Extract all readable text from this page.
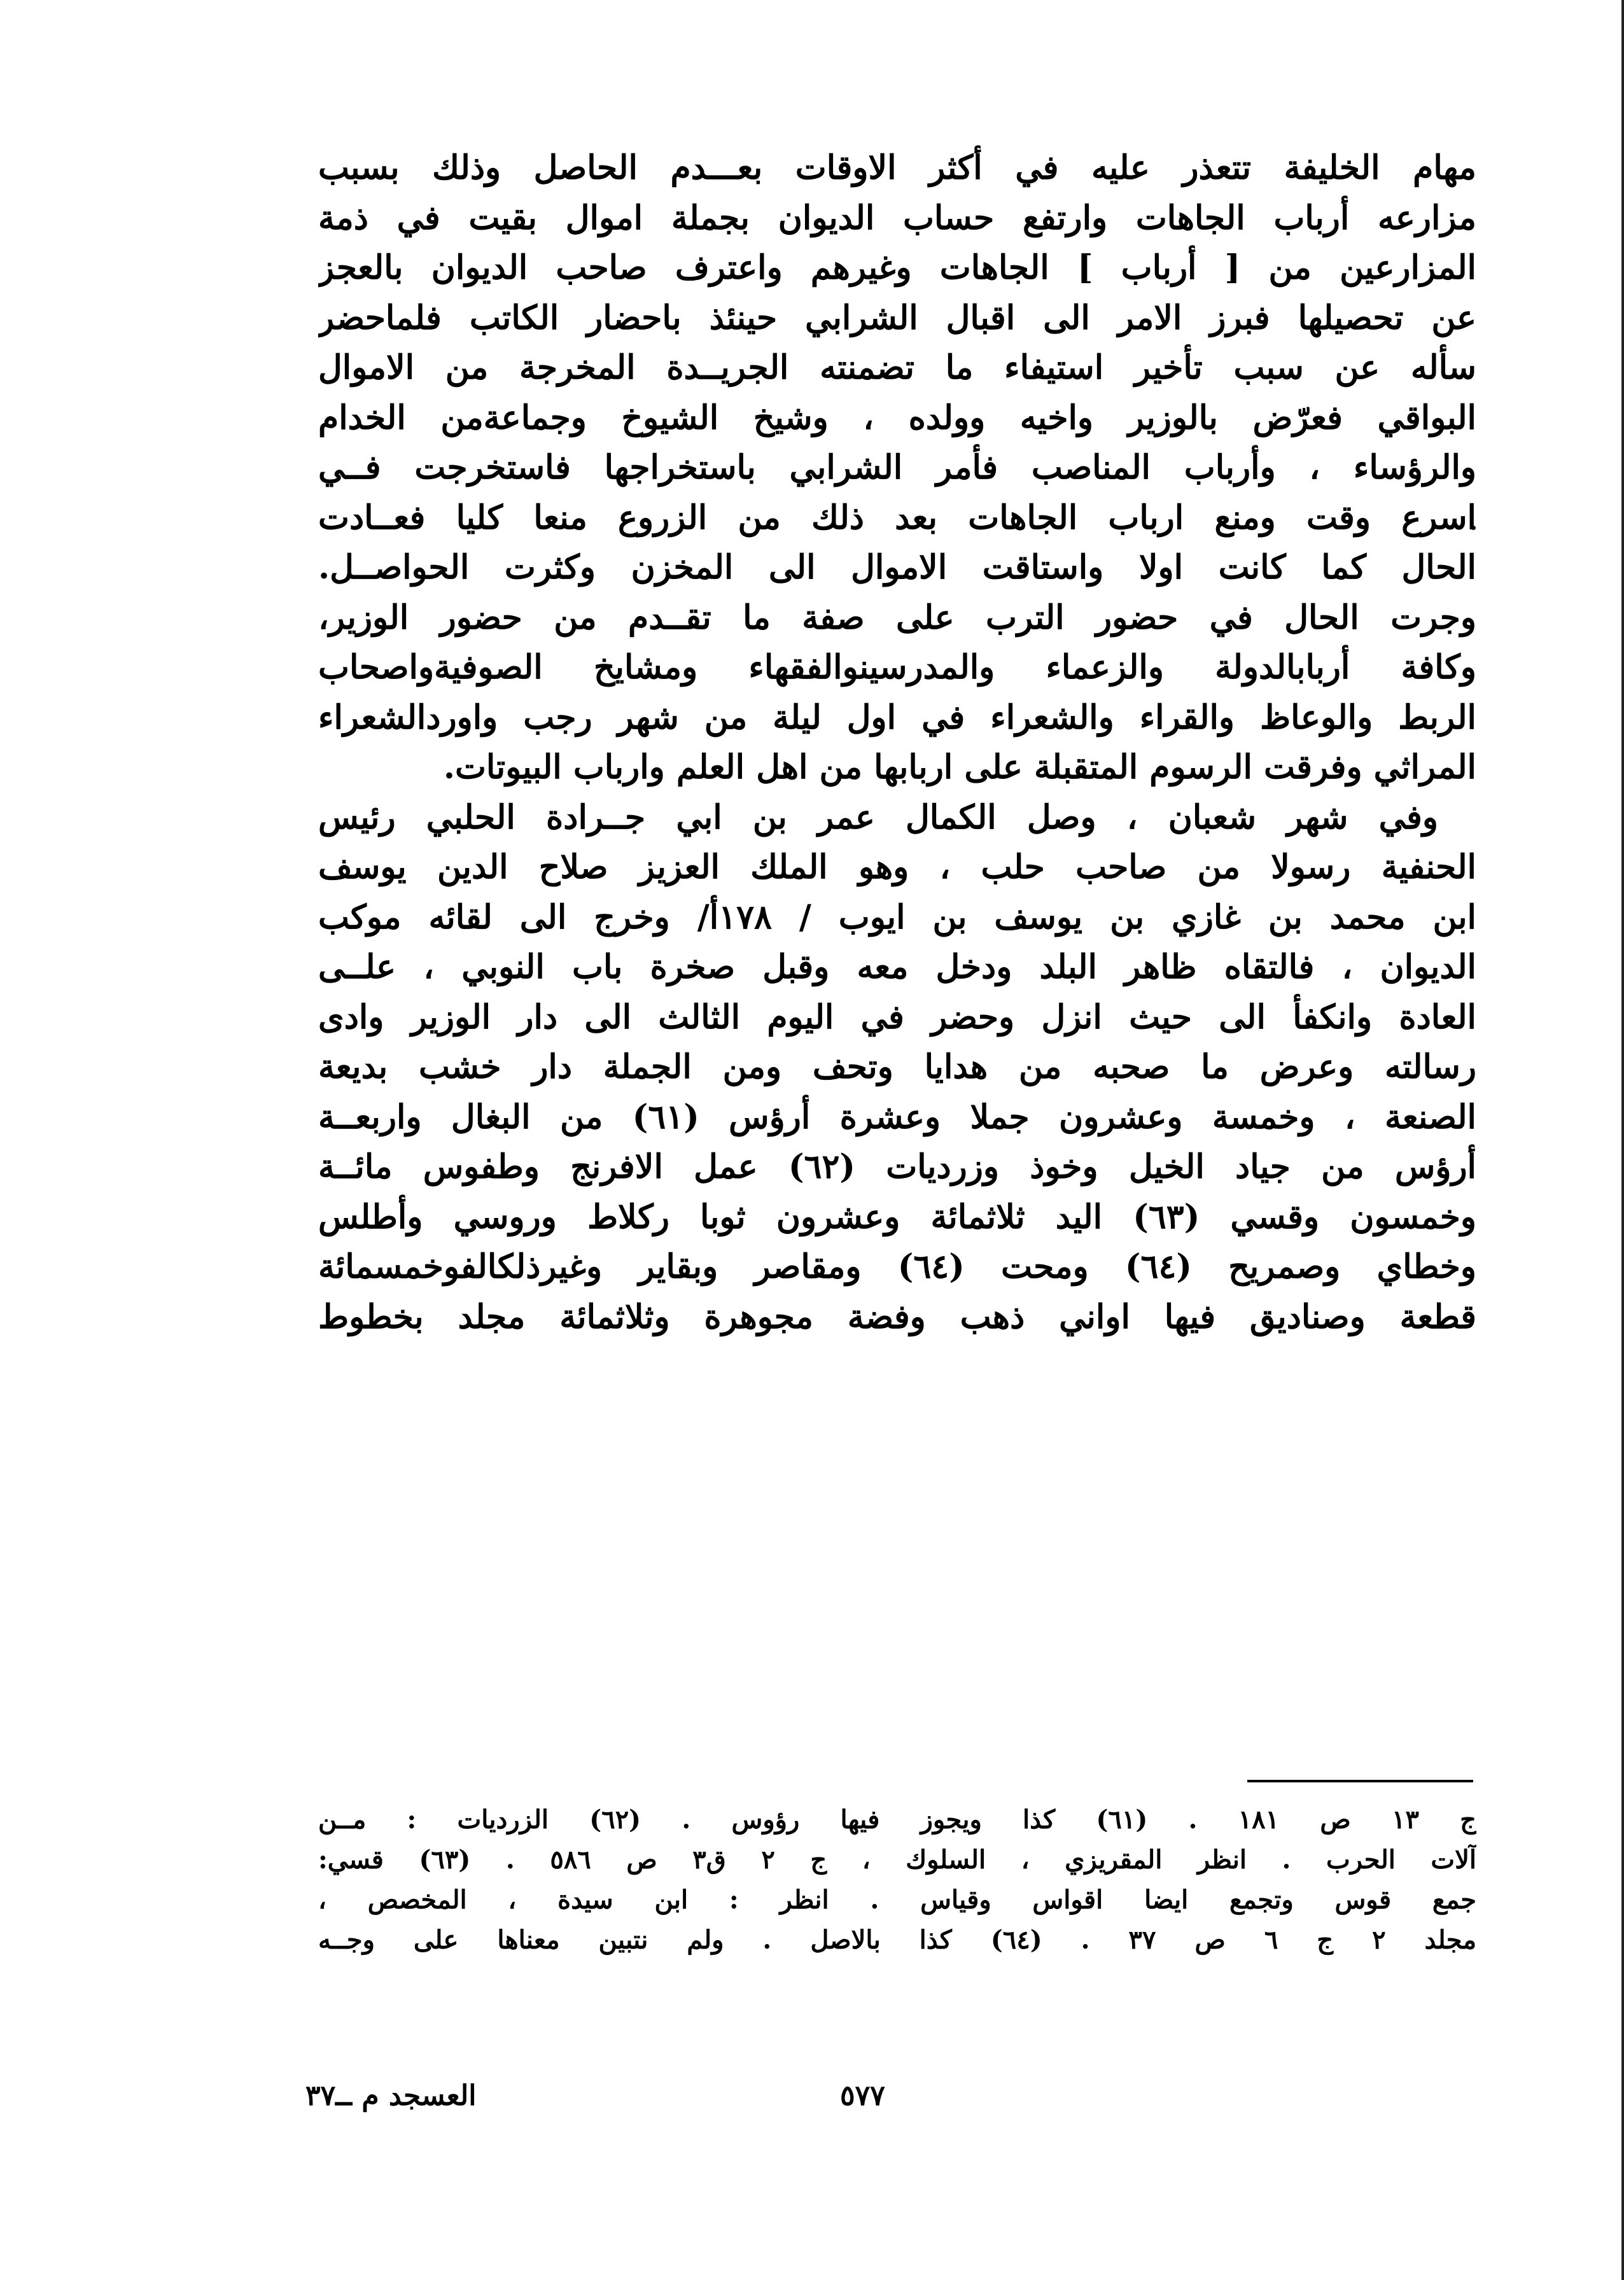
مهام الخليفة تتعذر عليه في أكثر الاوقات بعـــدم الحاصل وذلك بسبب
مزارعه أرباب الجاهات وارتفع حساب الديوان بجملة اموال بقيت في ذمة
المزارعين من [ أرباب ] الجاهات وغيرهم واعترف صاحب الديوان بالعجز
عن تحصيلها فبرز الامر الى اقبال الشرابي حينئذ باحضار الكاتب فلماحضر
سأله عن سبب تأخير استيفاء ما تضمنته الجريــدة المخرجة من الاموال
البواقي فعرّض بالوزير واخيه وولده ، وشيخ الشيوخ وجماعةمن الخدام
والرؤساء ، وأرباب المناصب فأمر الشرابي باستخراجها فاستخرجت فــي
اسرع وقت ومنع ارباب الجاهات بعد ذلك من الزروع منعا كليا فعــادت
الحال كما كانت اولا واستاقت الاموال الى المخزن وكثرت الحواصــل.
وجرت الحال في حضور الترب على صفة ما تقــدم من حضور الوزير،
وكافة أربابالدولة والزعماء والمدرسينوالفقهاء ومشايخ الصوفيةواصحاب
الربط والوعاظ والقراء والشعراء في اول ليلة من شهر رجب واوردالشعراء
المراثي وفرقت الرسوم المتقبلة على اربابها من اهل العلم وارباب البيوتات.
وفي شهر شعبان ، وصل الكمال عمر بن ابي جــرادة الحلبي رئيس
الحنفية رسولا من صاحب حلب ، وهو الملك العزيز صلاح الدين يوسف
ابن محمد بن غازي بن يوسف بن ايوب / ١٧٨أ/ وخرج الى لقائه موكب
الديوان ، فالتقاه ظاهر البلد ودخل معه وقبل صخرة باب النوبي ، علــى
العادة وانكفأ الى حيث انزل وحضر في اليوم الثالث الى دار الوزير وادى
رسالته وعرض ما صحبه من هدايا وتحف ومن الجملة دار خشب بديعة
الصنعة ، وخمسة وعشرون جملا وعشرة أرؤس (٦١) من البغال واربعــة
أرؤس من جياد الخيل وخوذ وزرديات (٦٢) عمل الافرنج وطفوس مائــة
وخمسون وقسي (٦٣) اليد ثلاثمائة وعشرون ثوبا ركلاط وروسي وأطلس
وخطاي وصمريح (٦٤) ومحت (٦٤) ومقاصر وبقاير وغيرذلكالفوخمسمائة
قطعة وصناديق فيها اواني ذهب وفضة مجوهرة وثلاثمائة مجلد بخطوط
ج ١٣ ص ١٨١ . (٦١) كذا ويجوز فيها رؤوس . (٦٢) الزرديات : مــن
آلات الحرب . انظر المقريزي ، السلوك ، ج ٢ ق٣ ص ٥٨٦ . (٦٣) قسي:
جمع قوس وتجمع ايضا اقواس وقياس . انظر : ابن سيدة ، المخصص ،
مجلد ٢ ج ٦ ص ٣٧ . (٦٤) كذا بالاصل . ولم نتبين معناها على وجــه
٥٧٧
العسجد م ــ٣٧
